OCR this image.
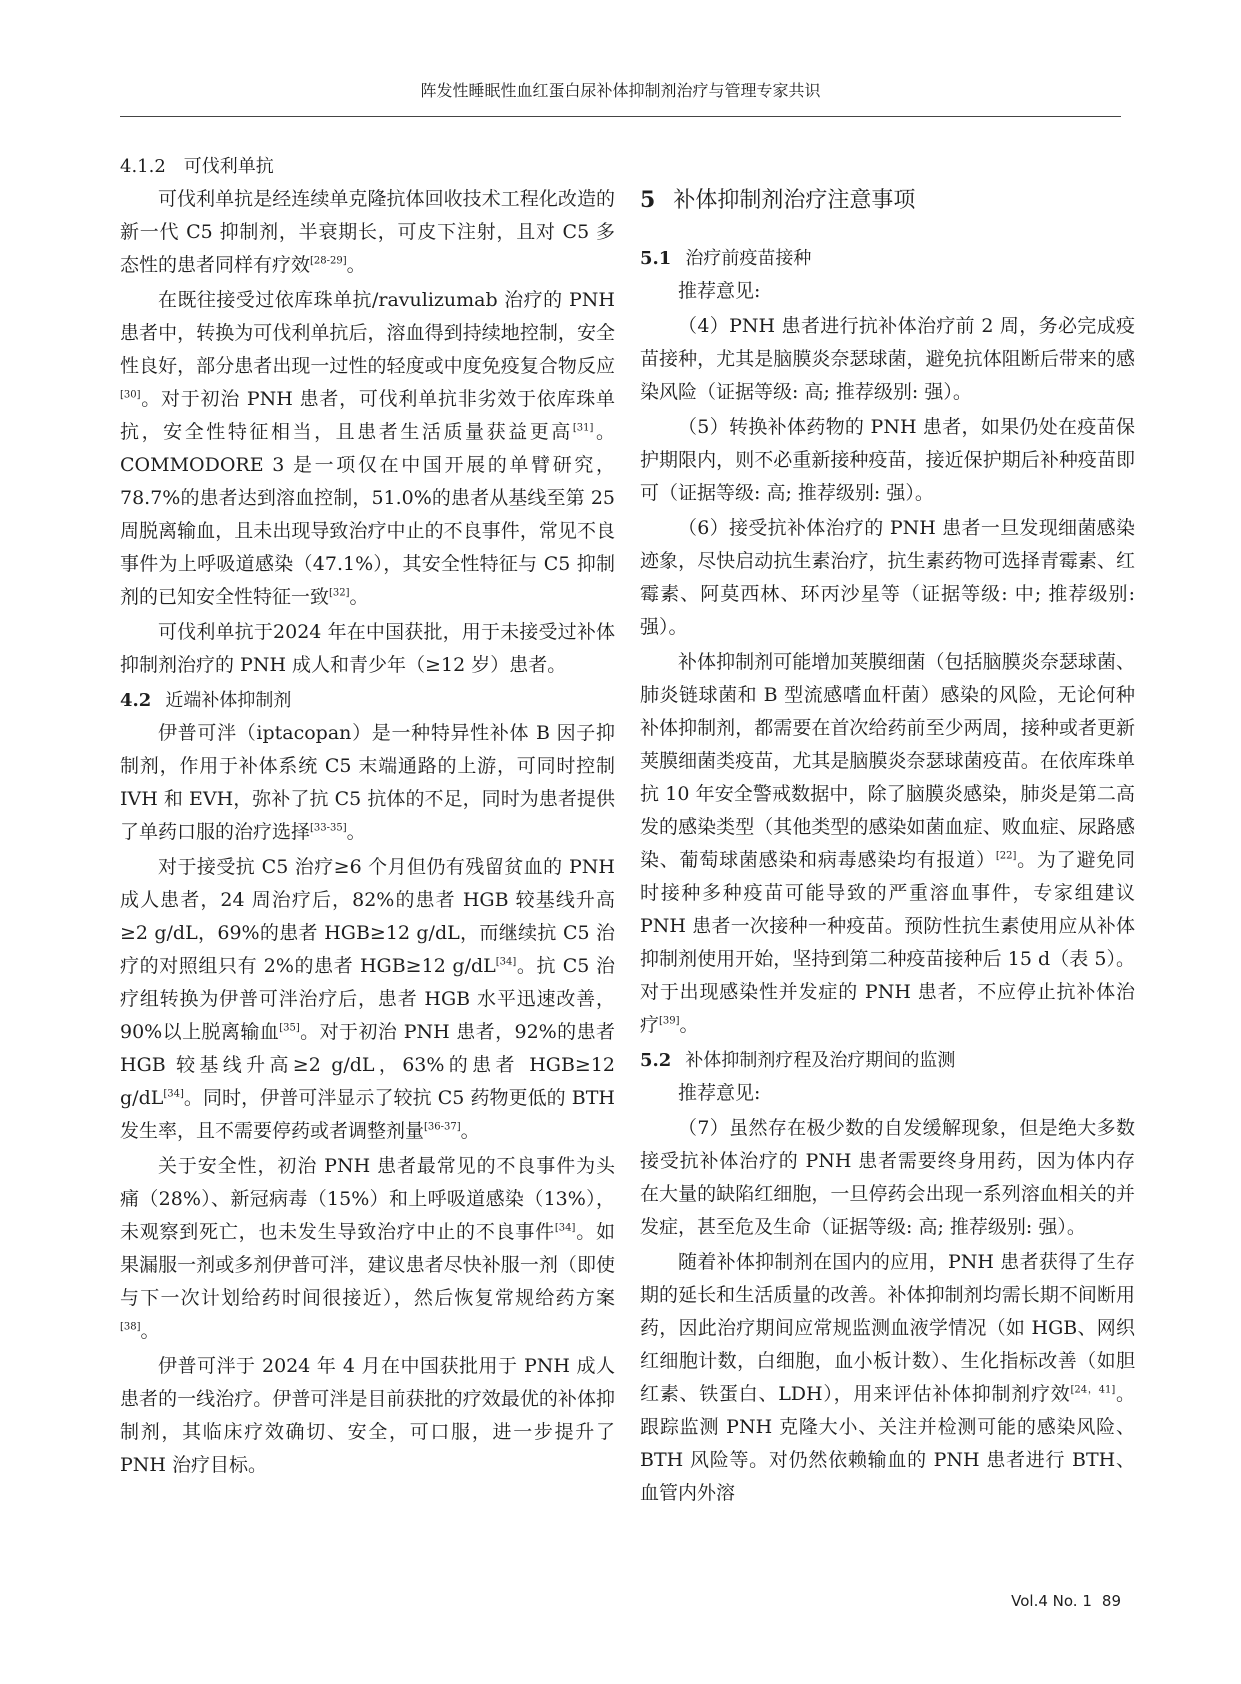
阵发性睡眠性血红蛋白尿补体抑制剂治疗与管理专家共识
4.1.2　可伐利单抗

可伐利单抗是经连续单克隆抗体回收技术工程化改造的新一代 C5 抑制剂，半衰期长，可皮下注射，且对 C5 多态性的患者同样有疗效[28-29]。

在既往接受过依库珠单抗/ravulizumab 治疗的 PNH 患者中，转换为可伐利单抗后，溶血得到持续地控制，安全性良好，部分患者出现一过性的轻度或中度免疫复合物反应[30]。对于初治 PNH 患者，可伐利单抗非劣效于依库珠单抗，安全性特征相当，且患者生活质量获益更高[31]。COMMODORE 3 是一项仅在中国开展的单臂研究，78.7%的患者达到溶血控制，51.0%的患者从基线至第 25 周脱离输血，且未出现导致治疗中止的不良事件，常见不良事件为上呼吸道感染（47.1%），其安全性特征与 C5 抑制剂的已知安全性特征一致[32]。

可伐利单抗于2024 年在中国获批，用于未接受过补体抑制剂治疗的 PNH 成人和青少年（≥12 岁）患者。

4.2 近端补体抑制剂

伊普可泮（iptacopan）是一种特异性补体 B 因子抑制剂，作用于补体系统 C5 末端通路的上游，可同时控制 IVH 和 EVH，弥补了抗 C5 抗体的不足，同时为患者提供了单药口服的治疗选择[33-35]。

对于接受抗 C5 治疗≥6 个月但仍有残留贫血的 PNH 成人患者，24 周治疗后，82%的患者 HGB 较基线升高≥2 g/dL，69%的患者 HGB≥12 g/dL，而继续抗 C5 治疗的对照组只有 2%的患者 HGB≥12 g/dL[34]。抗 C5 治疗组转换为伊普可泮治疗后，患者 HGB 水平迅速改善，90%以上脱离输血[35]。对于初治 PNH 患者，92%的患者 HGB 较基线升高≥2 g/dL，63%的患者 HGB≥12 g/dL[34]。同时，伊普可泮显示了较抗 C5 药物更低的 BTH 发生率，且不需要停药或者调整剂量[36-37]。

关于安全性，初治 PNH 患者最常见的不良事件为头痛（28%）、新冠病毒（15%）和上呼吸道感染（13%），未观察到死亡，也未发生导致治疗中止的不良事件[34]。如果漏服一剂或多剂伊普可泮，建议患者尽快补服一剂（即使与下一次计划给药时间很接近），然后恢复常规给药方案[38]。

伊普可泮于 2024 年 4 月在中国获批用于 PNH 成人患者的一线治疗。伊普可泮是目前获批的疗效最优的补体抑制剂，其临床疗效确切、安全，可口服，进一步提升了 PNH 治疗目标。

5 补体抑制剂治疗注意事项
5.1 治疗前疫苗接种

推荐意见:

（4）PNH 患者进行抗补体治疗前 2 周，务必完成疫苗接种，尤其是脑膜炎奈瑟球菌，避免抗体阻断后带来的感染风险（证据等级: 高; 推荐级别: 强）。

（5）转换补体药物的 PNH 患者，如果仍处在疫苗保护期限内，则不必重新接种疫苗，接近保护期后补种疫苗即可（证据等级: 高; 推荐级别: 强）。

（6）接受抗补体治疗的 PNH 患者一旦发现细菌感染迹象，尽快启动抗生素治疗，抗生素药物可选择青霉素、红霉素、阿莫西林、环丙沙星等（证据等级: 中; 推荐级别: 强）。

补体抑制剂可能增加荚膜细菌（包括脑膜炎奈瑟球菌、肺炎链球菌和 B 型流感嗜血杆菌）感染的风险，无论何种补体抑制剂，都需要在首次给药前至少两周，接种或者更新荚膜细菌类疫苗，尤其是脑膜炎奈瑟球菌疫苗。在依库珠单抗 10 年安全警戒数据中，除了脑膜炎感染，肺炎是第二高发的感染类型（其他类型的感染如菌血症、败血症、尿路感染、葡萄球菌感染和病毒感染均有报道）[22]。为了避免同时接种多种疫苗可能导致的严重溶血事件，专家组建议 PNH 患者一次接种一种疫苗。预防性抗生素使用应从补体抑制剂使用开始，坚持到第二种疫苗接种后 15 d（表 5）。对于出现感染性并发症的 PNH 患者，不应停止抗补体治疗[39]。

5.2 补体抑制剂疗程及治疗期间的监测

推荐意见:

（7）虽然存在极少数的自发缓解现象，但是绝大多数接受抗补体治疗的 PNH 患者需要终身用药，因为体内存在大量的缺陷红细胞，一旦停药会出现一系列溶血相关的并发症，甚至危及生命（证据等级: 高; 推荐级别: 强）。

随着补体抑制剂在国内的应用，PNH 患者获得了生存期的延长和生活质量的改善。补体抑制剂均需长期不间断用药，因此治疗期间应常规监测血液学情况（如 HGB、网织红细胞计数，白细胞，血小板计数）、生化指标改善（如胆红素、铁蛋白、LDH），用来评估补体抑制剂疗效[24，41]。跟踪监测 PNH 克隆大小、关注并检测可能的感染风险、BTH 风险等。对仍然依赖输血的 PNH 患者进行 BTH、血管内外溶

Vol.4 No. 1 89
